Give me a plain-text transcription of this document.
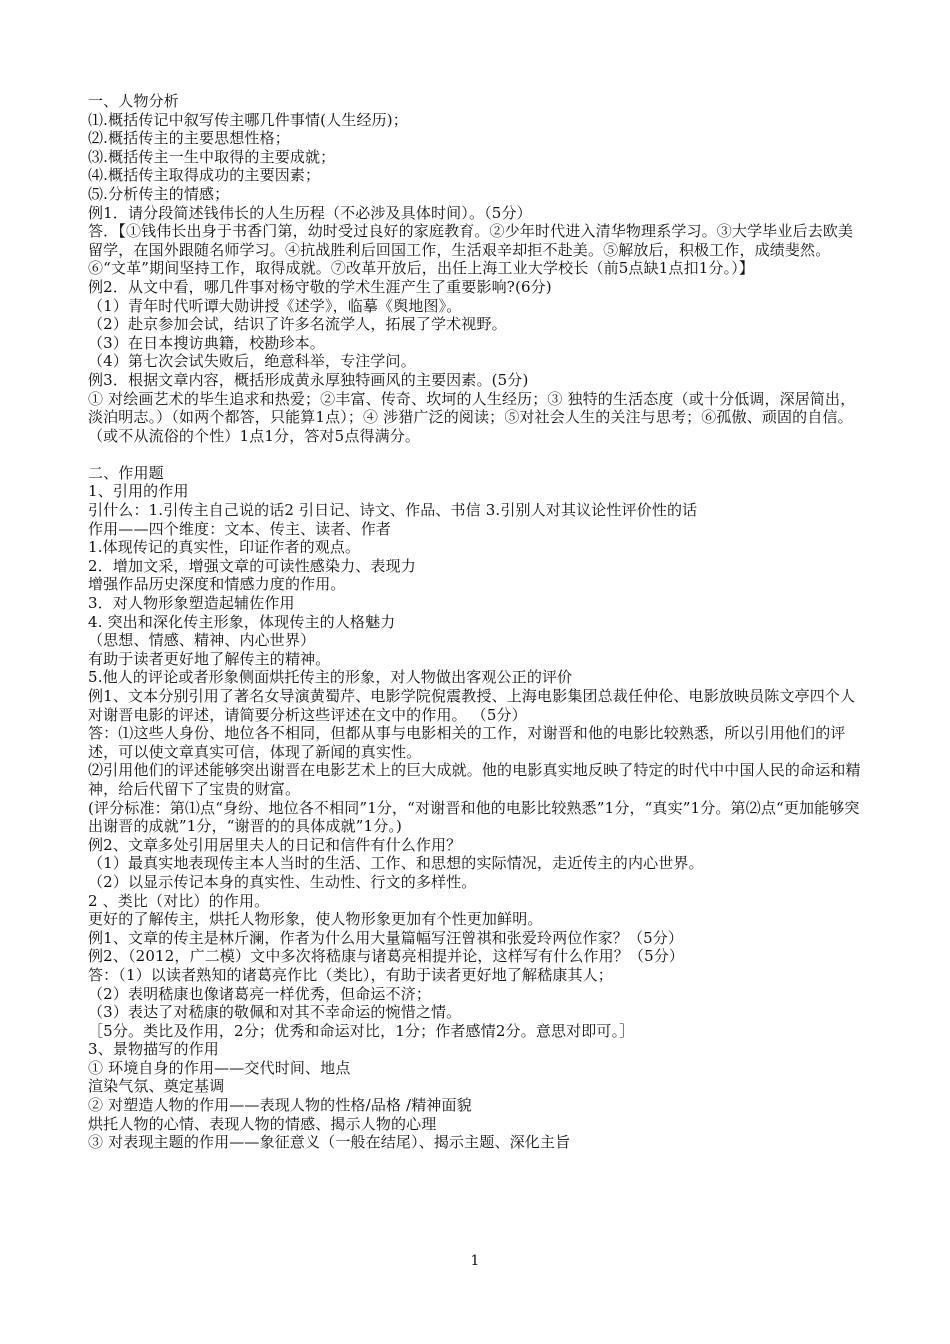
一、人物分析
⑴.概括传记中叙写传主哪几件事情(人生经历)；
⑵.概括传主的主要思想性格；
⑶.概括传主一生中取得的主要成就；
⑷.概括传主取得成功的主要因素；
⑸.分析传主的情感；
例1．请分段简述钱伟长的人生历程（不必涉及具体时间）。（5分）
答．【①钱伟长出身于书香门第，幼时受过良好的家庭教育。②少年时代进入清华物理系学习。③大学毕业后去欧美留学，在国外跟随名师学习。④抗战胜利后回国工作，生活艰辛却拒不赴美。⑤解放后，积极工作，成绩斐然。⑥“文革”期间坚持工作，取得成就。⑦改革开放后，出任上海工业大学校长（前5点缺1点扣1分。）】
例2．从文中看，哪几件事对杨守敬的学术生涯产生了重要影响?(6分)
（1）青年时代听谭大勋讲授《述学》，临摹《舆地图》。
（2）赴京参加会试，结识了许多名流学人，拓展了学术视野。
（3）在日本搜访典籍，校勘珍本。
（4）第七次会试失败后，绝意科举，专注学问。
例3．根据文章内容，概括形成黄永厚独特画风的主要因素。(5分)
① 对绘画艺术的毕生追求和热爱；②丰富、传奇、坎坷的人生经历；③ 独特的生活态度（或十分低调，深居简出，淡泊明志。）（如两个都答，只能算1点）；④ 涉猎广泛的阅读；⑤对社会人生的关注与思考；⑥孤傲、顽固的自信。（或不从流俗的个性）1点1分，答对5点得满分。
二、作用题
1、引用的作用
引什么：1.引传主自己说的话2 引日记、诗文、作品、书信 3.引别人对其议论性评价性的话
作用——四个维度：文本、传主、读者、作者
1.体现传记的真实性，印证作者的观点。
2．增加文采，增强文章的可读性感染力、表现力
增强作品历史深度和情感力度的作用。
3．对人物形象塑造起辅佐作用
4. 突出和深化传主形象，体现传主的人格魅力
（思想、情感、精神、内心世界）
有助于读者更好地了解传主的精神。
5.他人的评论或者形象侧面烘托传主的形象，对人物做出客观公正的评价
例1、文本分别引用了著名女导演黄蜀芹、电影学院倪震教授、上海电影集团总裁任仲伦、电影放映员陈文亭四个人对谢晋电影的评述，请简要分析这些评述在文中的作用。 （5分）
答：⑴这些人身份、地位各不相同，但都从事与电影相关的工作，对谢晋和他的电影比较熟悉，所以引用他们的评述，可以使文章真实可信，体现了新闻的真实性。
⑵引用他们的评述能够突出谢晋在电影艺术上的巨大成就。他的电影真实地反映了特定的时代中中国人民的命运和精神，给后代留下了宝贵的财富。
(评分标准：第⑴点“身纷、地位各不相同”1分，“对谢晋和他的电影比较熟悉”1分，“真实”1分。第⑵点“更加能够突出谢晋的成就”1分，“谢晋的的具体成就”1分。)
例2、文章多处引用居里夫人的日记和信件有什么作用？
（1）最真实地表现传主本人当时的生活、工作、和思想的实际情况，走近传主的内心世界。
（2）以显示传记本身的真实性、生动性、行文的多样性。
2 、类比（对比）的作用。
更好的了解传主，烘托人物形象，使人物形象更加有个性更加鲜明。
例1、文章的传主是林斤澜，作者为什么用大量篇幅写汪曾祺和张爱玲两位作家？（5分）
例2、（2012，广二模）文中多次将嵇康与诸葛亮相提并论，这样写有什么作用？（5分）
答：（1）以读者熟知的诸葛亮作比（类比），有助于读者更好地了解嵇康其人；
（2）表明嵇康也像诸葛亮一样优秀，但命运不济；
（3）表达了对嵇康的敬佩和对其不幸命运的惋惜之情。
［5分。类比及作用，2分；优秀和命运对比，1分；作者感情2分。意思对即可。］
3、景物描写的作用
① 环境自身的作用——交代时间、地点
渲染气氛、奠定基调
② 对塑造人物的作用——表现人物的性格/品格 /精神面貌
烘托人物的心情、表现人物的情感、揭示人物的心理
③ 对表现主题的作用——象征意义（一般在结尾）、揭示主题、深化主旨
1
